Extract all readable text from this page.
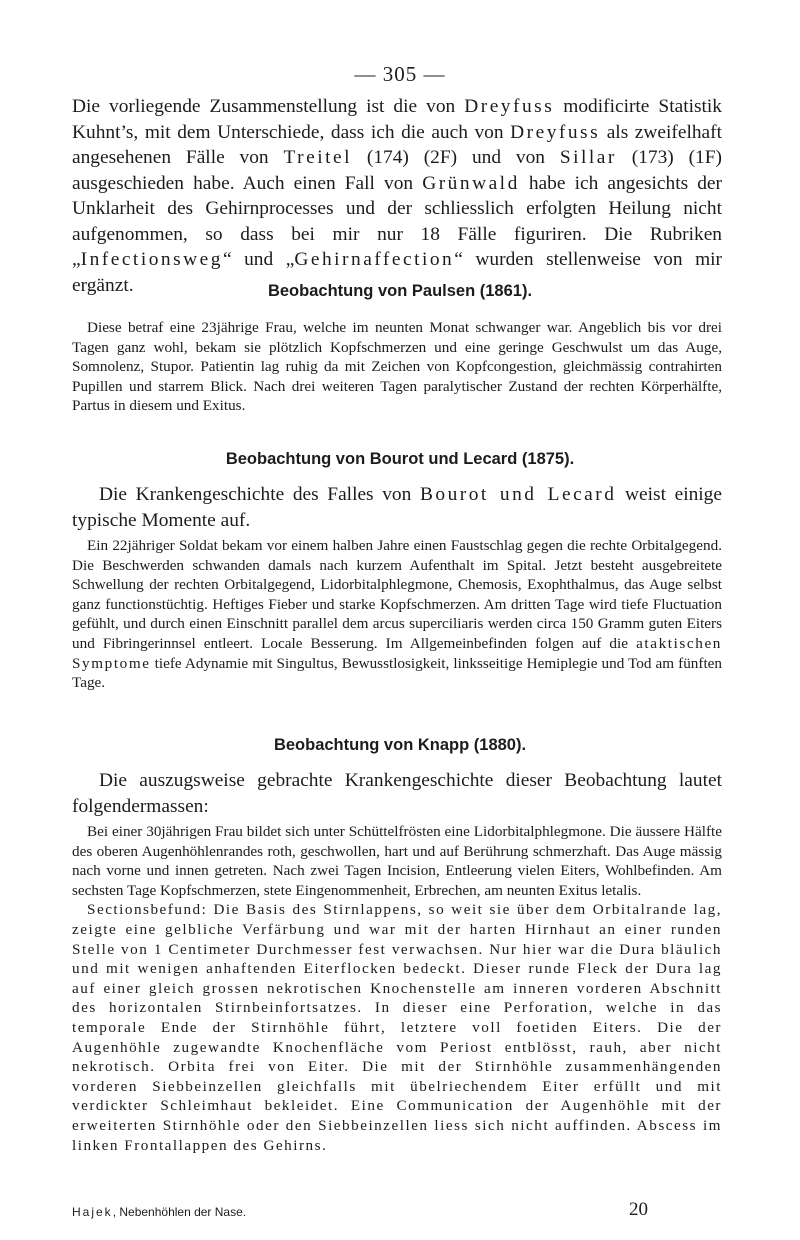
— 305 —
Die vorliegende Zusammenstellung ist die von Dreyfuss modificirte Statistik Kuhnt’s, mit dem Unterschiede, dass ich die auch von Dreyfuss als zweifelhaft angesehenen Fälle von Treitel (174) (2F) und von Sillar (173) (1F) ausgeschieden habe. Auch einen Fall von Grünwald habe ich angesichts der Unklarheit des Gehirnprocesses und der schliesslich erfolgten Heilung nicht aufgenommen, so dass bei mir nur 18 Fälle figuriren. Die Rubriken „Infectionsweg“ und „Gehirnaffection“ wurden stellenweise von mir ergänzt.	Beobachtung von Paulsen (1861).

Diese betraf eine 23jährige Frau, welche im neunten Monat schwanger war. Angeblich bis vor drei Tagen ganz wohl, bekam sie plötzlich Kopfschmerzen und eine geringe Geschwulst um das Auge, Somnolenz, Stupor. Patientin lag ruhig da mit Zeichen von Kopfcongestion, gleichmässig contrahirten Pupillen und starrem Blick. Nach drei weiteren Tagen paralytischer Zustand der rechten Körperhälfte, Partus in diesem und Exitus.

Beobachtung von Bourot und Lecard (1875).

Die Krankengeschichte des Falles von Bourot und Lecard weist einige typische Momente auf.

Ein 22jähriger Soldat bekam vor einem halben Jahre einen Faustschlag gegen die rechte Orbitalgegend. Die Beschwerden schwanden damals nach kurzem Aufenthalt im Spital. Jetzt besteht ausgebreitete Schwellung der rechten Orbitalgegend, Lidorbitalphlegmone, Chemosis, Exophthalmus, das Auge selbst ganz functionstüchtig. Heftiges Fieber und starke Kopfschmerzen. Am dritten Tage wird tiefe Fluctuation gefühlt, und durch einen Einschnitt parallel dem arcus superciliaris werden circa 150 Gramm guten Eiters und Fibringerinnsel entleert. Locale Besserung. Im Allgemeinbefinden folgen auf die ataktischen Symptome tiefe Adynamie mit Singultus, Bewusstlosigkeit, linksseitige Hemiplegie und Tod am fünften Tage.

Beobachtung von Knapp (1880).

Die auszugsweise gebrachte Krankengeschichte dieser Beobachtung lautet folgendermassen:

Bei einer 30jährigen Frau bildet sich unter Schüttelfrösten eine Lidorbitalphlegmone. Die äussere Hälfte des oberen Augenhöhlenrandes roth, geschwollen, hart und auf Berührung schmerzhaft. Das Auge mässig nach vorne und innen getreten. Nach zwei Tagen Incision, Entleerung vielen Eiters, Wohlbefinden. Am sechsten Tage Kopfschmerzen, stete Eingenommenheit, Erbrechen, am neunten Exitus letalis.

Sectionsbefund: Die Basis des Stirnlappens, so weit sie über dem Orbitalrande lag, zeigte eine gelbliche Verfärbung und war mit der harten Hirnhaut an einer runden Stelle von 1 Centimeter Durchmesser fest verwachsen. Nur hier war die Dura bläulich und mit wenigen anhaftenden Eiterflocken bedeckt. Dieser runde Fleck der Dura lag auf einer gleich grossen nekrotischen Knochenstelle am inneren vorderen Abschnitt des horizontalen Stirnbeinfortsatzes. In dieser eine Perforation, welche in das temporale Ende der Stirnhöhle führt, letztere voll foetiden Eiters. Die der Augenhöhle zugewandte Knochenfläche vom Periost entblösst, rauh, aber nicht nekrotisch. Orbita frei von Eiter. Die mit der Stirnhöhle zusammenhängenden vorderen Siebbeinzellen gleichfalls mit übelriechendem Eiter erfüllt und mit verdickter Schleimhaut bekleidet. Eine Communication der Augenhöhle mit der erweiterten Stirnhöhle oder den Siebbeinzellen liess sich nicht auffinden. Abscess im linken Frontallappen des Gehirns.

Hajek, Nebenhöhlen der Nase.	20
